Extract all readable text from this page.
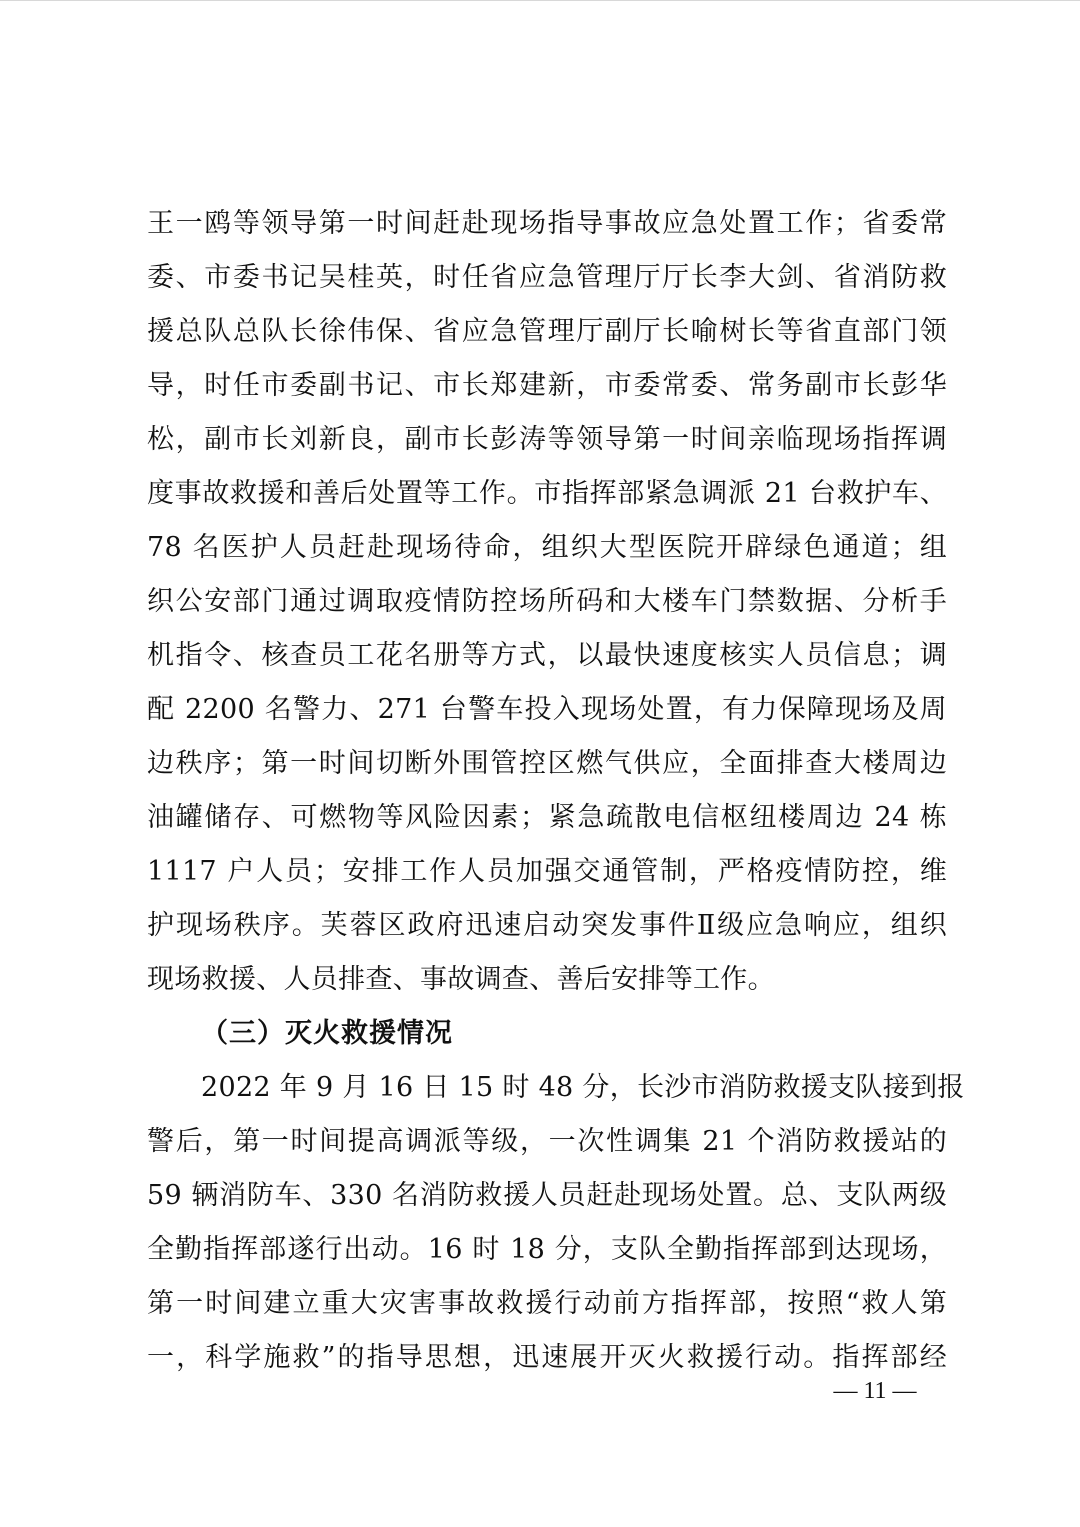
王一鸥等领导第一时间赶赴现场指导事故应急处置工作；省委常
委、市委书记吴桂英，时任省应急管理厅厅长李大剑、省消防救
援总队总队长徐伟保、省应急管理厅副厅长喻树长等省直部门领
导，时任市委副书记、市长郑建新，市委常委、常务副市长彭华
松，副市长刘新良，副市长彭涛等领导第一时间亲临现场指挥调
度事故救援和善后处置等工作。市指挥部紧急调派 21 台救护车、
78 名医护人员赶赴现场待命，组织大型医院开辟绿色通道；组
织公安部门通过调取疫情防控场所码和大楼车门禁数据、分析手
机指令、核查员工花名册等方式，以最快速度核实人员信息；调
配 2200 名警力、271 台警车投入现场处置，有力保障现场及周
边秩序；第一时间切断外围管控区燃气供应，全面排查大楼周边
油罐储存、可燃物等风险因素；紧急疏散电信枢纽楼周边 24 栋
1117 户人员；安排工作人员加强交通管制，严格疫情防控，维
护现场秩序。芙蓉区政府迅速启动突发事件Ⅱ级应急响应，组织
现场救援、人员排查、事故调查、善后安排等工作。
（三）灭火救援情况
2022 年 9 月 16 日 15 时 48 分，长沙市消防救援支队接到报
警后，第一时间提高调派等级，一次性调集 21 个消防救援站的
59 辆消防车、330 名消防救援人员赶赴现场处置。总、支队两级
全勤指挥部遂行出动。16 时 18 分，支队全勤指挥部到达现场，
第一时间建立重大灾害事故救援行动前方指挥部，按照“救人第
一，科学施救”的指导思想，迅速展开灭火救援行动。指挥部经
— 11 —
